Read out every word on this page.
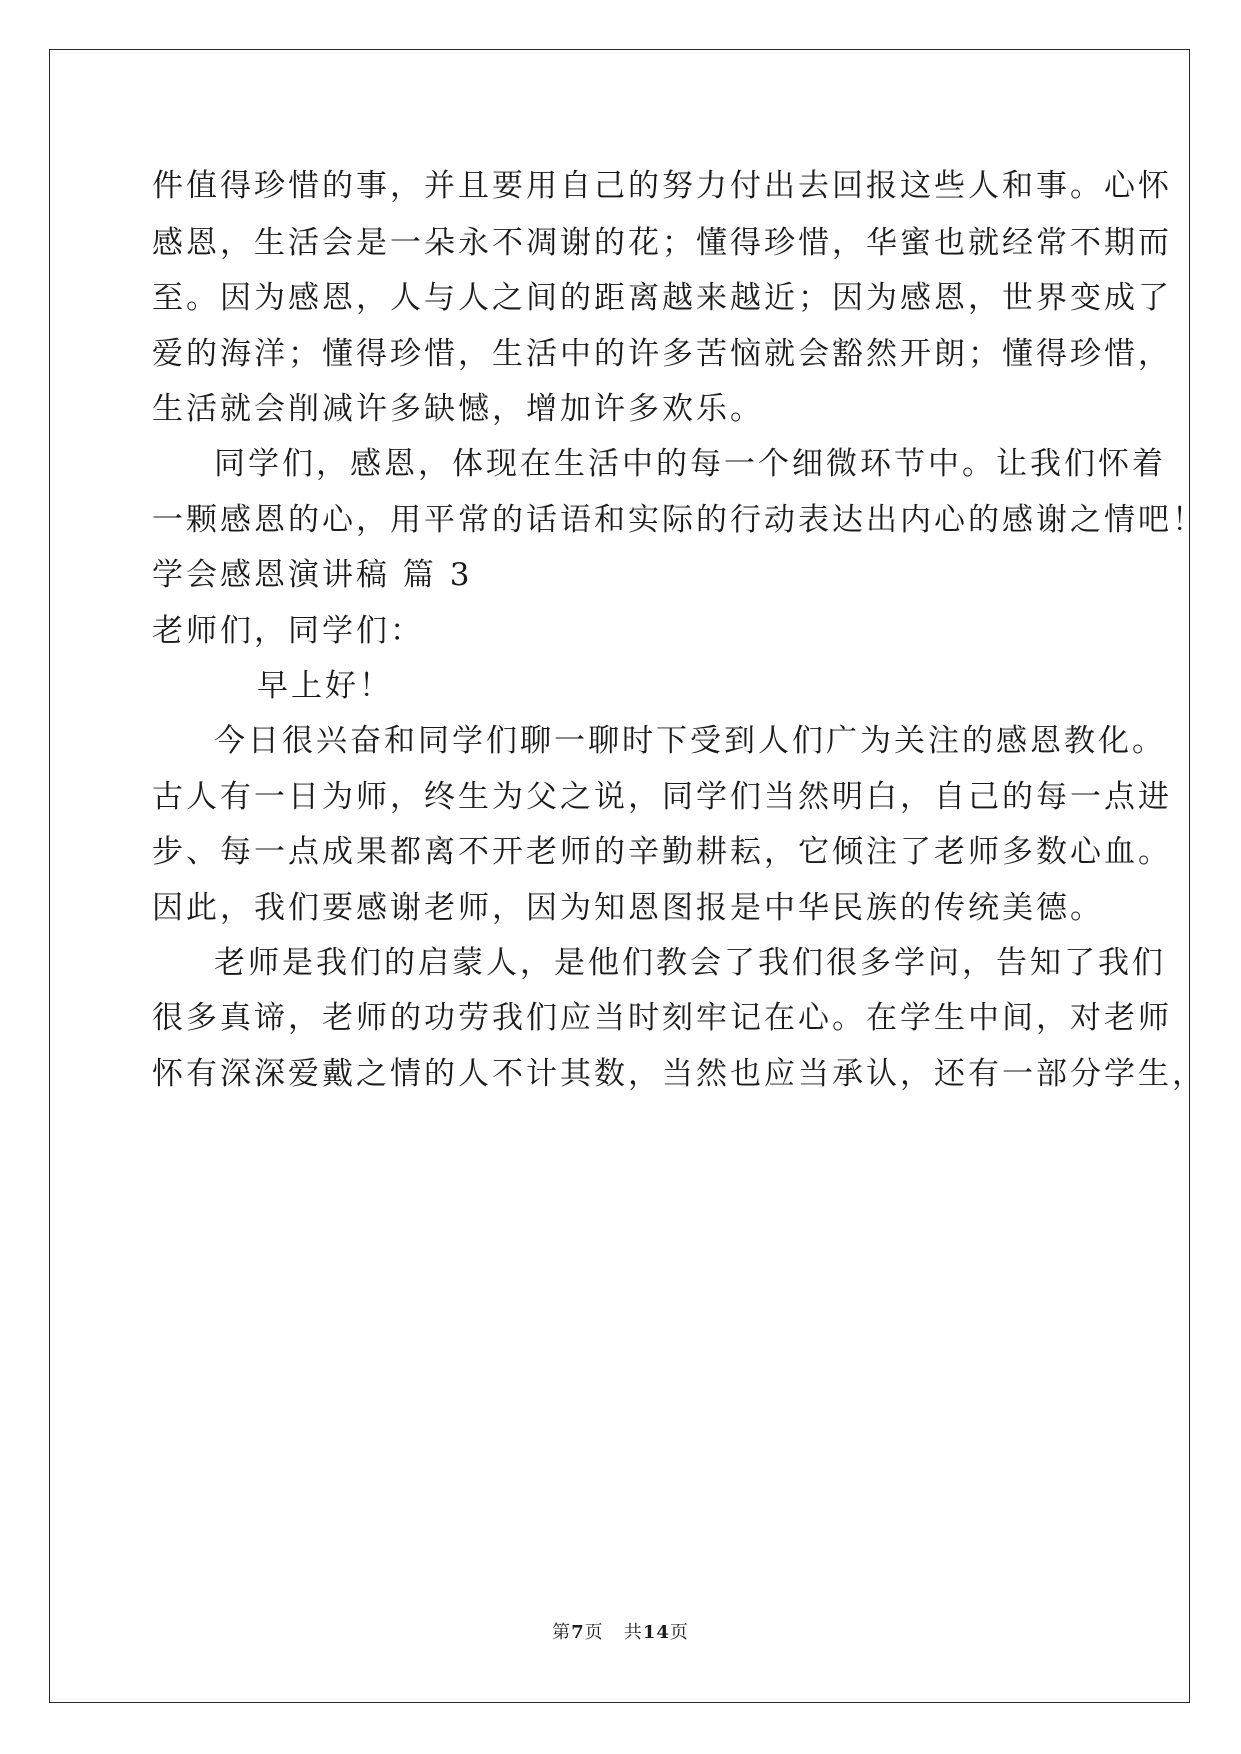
件值得珍惜的事，并且要用自己的努力付出去回报这些人和事。心怀
感恩，生活会是一朵永不凋谢的花；懂得珍惜，华蜜也就经常不期而
至。因为感恩，人与人之间的距离越来越近；因为感恩，世界变成了
爱的海洋；懂得珍惜，生活中的许多苦恼就会豁然开朗；懂得珍惜，
生活就会削减许多缺憾，增加许多欢乐。
同学们，感恩，体现在生活中的每一个细微环节中。让我们怀着
一颗感恩的心，用平常的话语和实际的行动表达出内心的感谢之情吧！
学会感恩演讲稿 篇 3
老师们，同学们：
早上好！
今日很兴奋和同学们聊一聊时下受到人们广为关注的感恩教化。
古人有一日为师，终生为父之说，同学们当然明白，自己的每一点进
步、每一点成果都离不开老师的辛勤耕耘，它倾注了老师多数心血。
因此，我们要感谢老师，因为知恩图报是中华民族的传统美德。
老师是我们的启蒙人，是他们教会了我们很多学问，告知了我们
很多真谛，老师的功劳我们应当时刻牢记在心。在学生中间，对老师
怀有深深爱戴之情的人不计其数，当然也应当承认，还有一部分学生，
第7页 共14页
